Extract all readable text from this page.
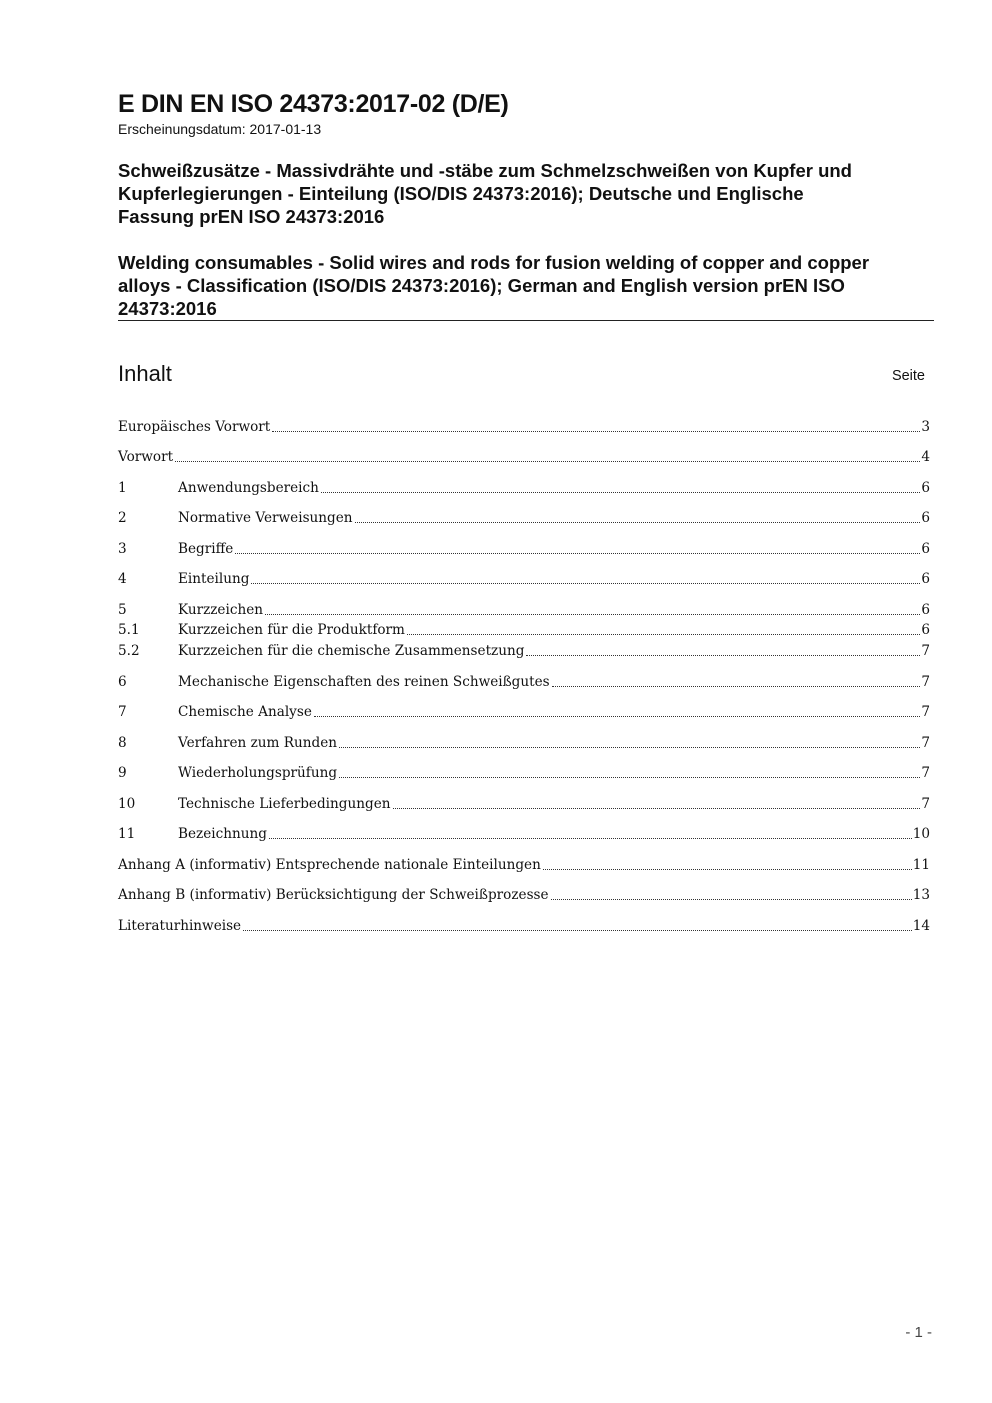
E DIN EN ISO 24373:2017-02 (D/E)
Erscheinungsdatum: 2017-01-13
Schweißzusätze - Massivdrähte und -stäbe zum Schmelzschweißen von Kupfer und
Kupferlegierungen - Einteilung (ISO/DIS 24373:2016); Deutsche und Englische
Fassung prEN ISO 24373:2016
Welding consumables - Solid wires and rods for fusion welding of copper and copper
alloys - Classification (ISO/DIS 24373:2016); German and English version prEN ISO
24373:2016
Inhalt	Seite
Europäisches Vorwort	3
Vorwort	4
1	Anwendungsbereich	6
2	Normative Verweisungen	6
3	Begriffe	6
4	Einteilung	6
5	Kurzzeichen	6
5.1	Kurzzeichen für die Produktform	6
5.2	Kurzzeichen für die chemische Zusammensetzung	7
6	Mechanische Eigenschaften des reinen Schweißgutes	7
7	Chemische Analyse	7
8	Verfahren zum Runden	7
9	Wiederholungsprüfung	7
10	Technische Lieferbedingungen	7
11	Bezeichnung	10
Anhang A (informativ) Entsprechende nationale Einteilungen	11
Anhang B (informativ) Berücksichtigung der Schweißprozesse	13
Literaturhinweise	14
- 1 -
